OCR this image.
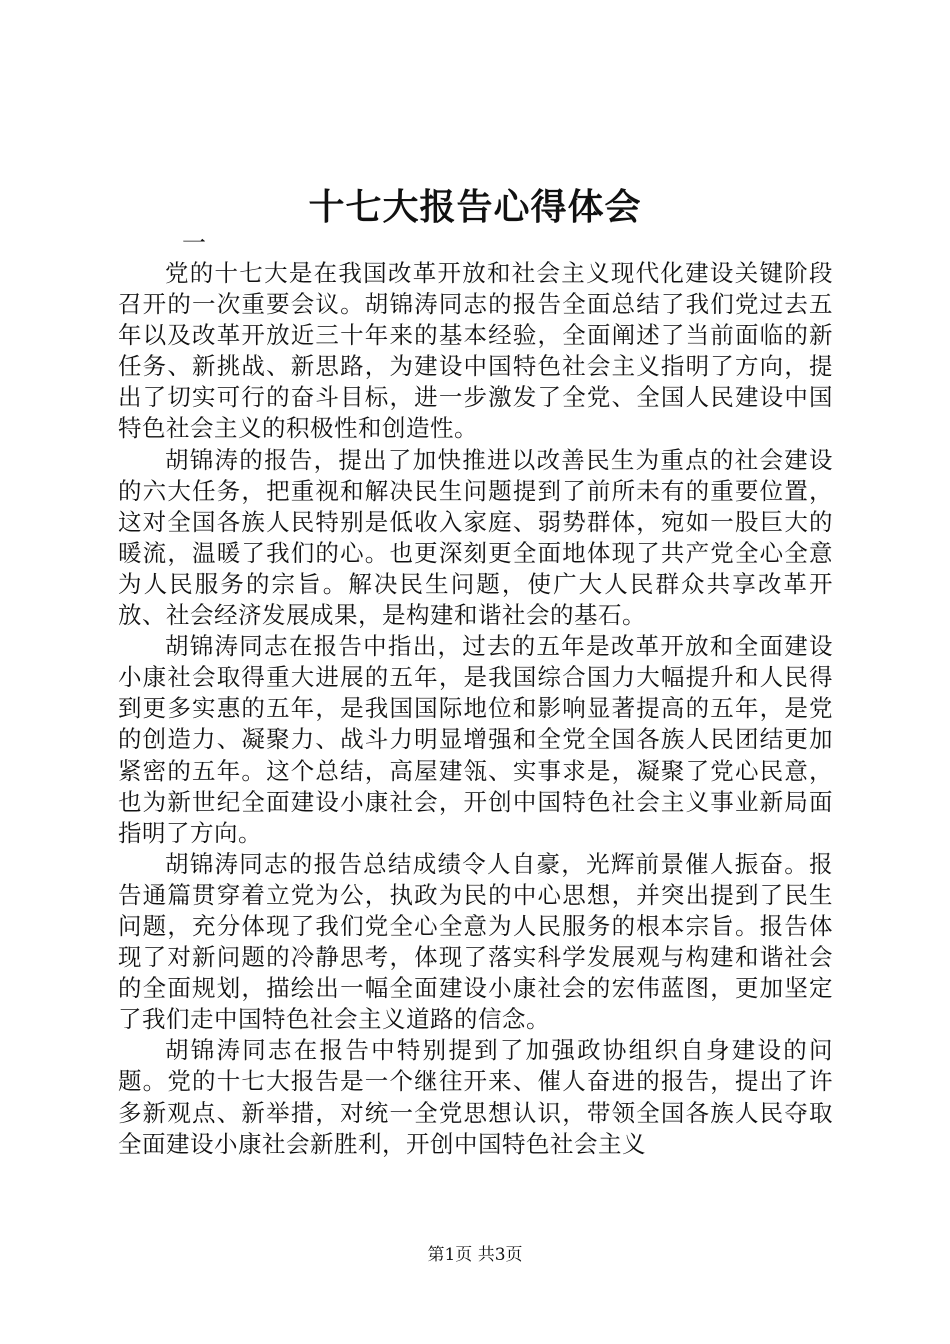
十七大报告心得体会
一

党的十七大是在我国改革开放和社会主义现代化建设关键阶段召开的一次重要会议。胡锦涛同志的报告全面总结了我们党过去五年以及改革开放近三十年来的基本经验，全面阐述了当前面临的新任务、新挑战、新思路，为建设中国特色社会主义指明了方向，提出了切实可行的奋斗目标，进一步激发了全党、全国人民建设中国特色社会主义的积极性和创造性。

胡锦涛的报告，提出了加快推进以改善民生为重点的社会建设的六大任务，把重视和解决民生问题提到了前所未有的重要位置，这对全国各族人民特别是低收入家庭、弱势群体，宛如一股巨大的暖流，温暖了我们的心。也更深刻更全面地体现了共产党全心全意为人民服务的宗旨。解决民生问题，使广大人民群众共享改革开放、社会经济发展成果，是构建和谐社会的基石。

胡锦涛同志在报告中指出，过去的五年是改革开放和全面建设小康社会取得重大进展的五年，是我国综合国力大幅提升和人民得到更多实惠的五年，是我国国际地位和影响显著提高的五年，是党的创造力、凝聚力、战斗力明显增强和全党全国各族人民团结更加紧密的五年。这个总结，高屋建瓴、实事求是，凝聚了党心民意，也为新世纪全面建设小康社会，开创中国特色社会主义事业新局面指明了方向。

胡锦涛同志的报告总结成绩令人自豪，光辉前景催人振奋。报告通篇贯穿着立党为公，执政为民的中心思想，并突出提到了民生问题，充分体现了我们党全心全意为人民服务的根本宗旨。报告体现了对新问题的冷静思考，体现了落实科学发展观与构建和谐社会的全面规划，描绘出一幅全面建设小康社会的宏伟蓝图，更加坚定了我们走中国特色社会主义道路的信念。

胡锦涛同志在报告中特别提到了加强政协组织自身建设的问题。党的十七大报告是一个继往开来、催人奋进的报告，提出了许多新观点、新举措，对统一全党思想认识，带领全国各族人民夺取全面建设小康社会新胜利，开创中国特色社会主义

第1页 共3页
